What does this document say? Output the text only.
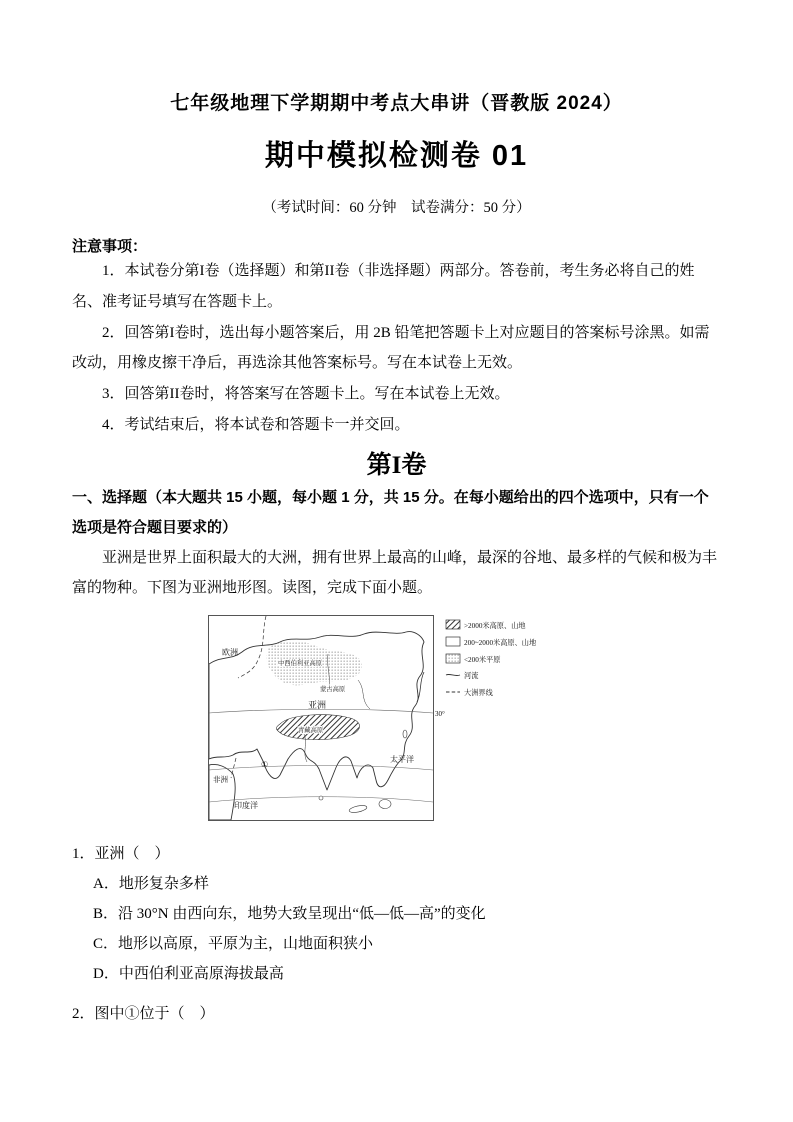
七年级地理下学期期中考点大串讲（晋教版 2024）
期中模拟检测卷 01
（考试时间：60 分钟　试卷满分：50 分）
注意事项：

1．本试卷分第I卷（选择题）和第II卷（非选择题）两部分。答卷前，考生务必将自己的姓名、准考证号填写在答题卡上。

2．回答第I卷时，选出每小题答案后，用 2B 铅笔把答题卡上对应题目的答案标号涂黑。如需改动，用橡皮擦干净后，再选涂其他答案标号。写在本试卷上无效。

3．回答第II卷时，将答案写在答题卡上。写在本试卷上无效。

4．考试结束后，将本试卷和答题卡一并交回。

第I卷
一、选择题（本大题共 15 小题，每小题 1 分，共 15 分。在每小题给出的四个选项中，只有一个选项是符合题目要求的）

亚洲是世界上面积最大的大洲，拥有世界上最高的山峰，最深的谷地、最多样的气候和极为丰富的物种。下图为亚洲地形图。读图，完成下面小题。

欧洲
中西伯利亚高原
蒙古高原
亚洲
青藏高原
非洲
太平洋
印度洋
①
30°
>2000米高原、山地
200~2000米高原、山地
<200米平原
河流
大洲界线
1．亚洲（　）
A．地形复杂多样
B．沿 30°N 由西向东，地势大致呈现出“低—低—高”的变化
C．地形以高原，平原为主，山地面积狭小
D．中西伯利亚高原海拔最高
2．图中①位于（　）
